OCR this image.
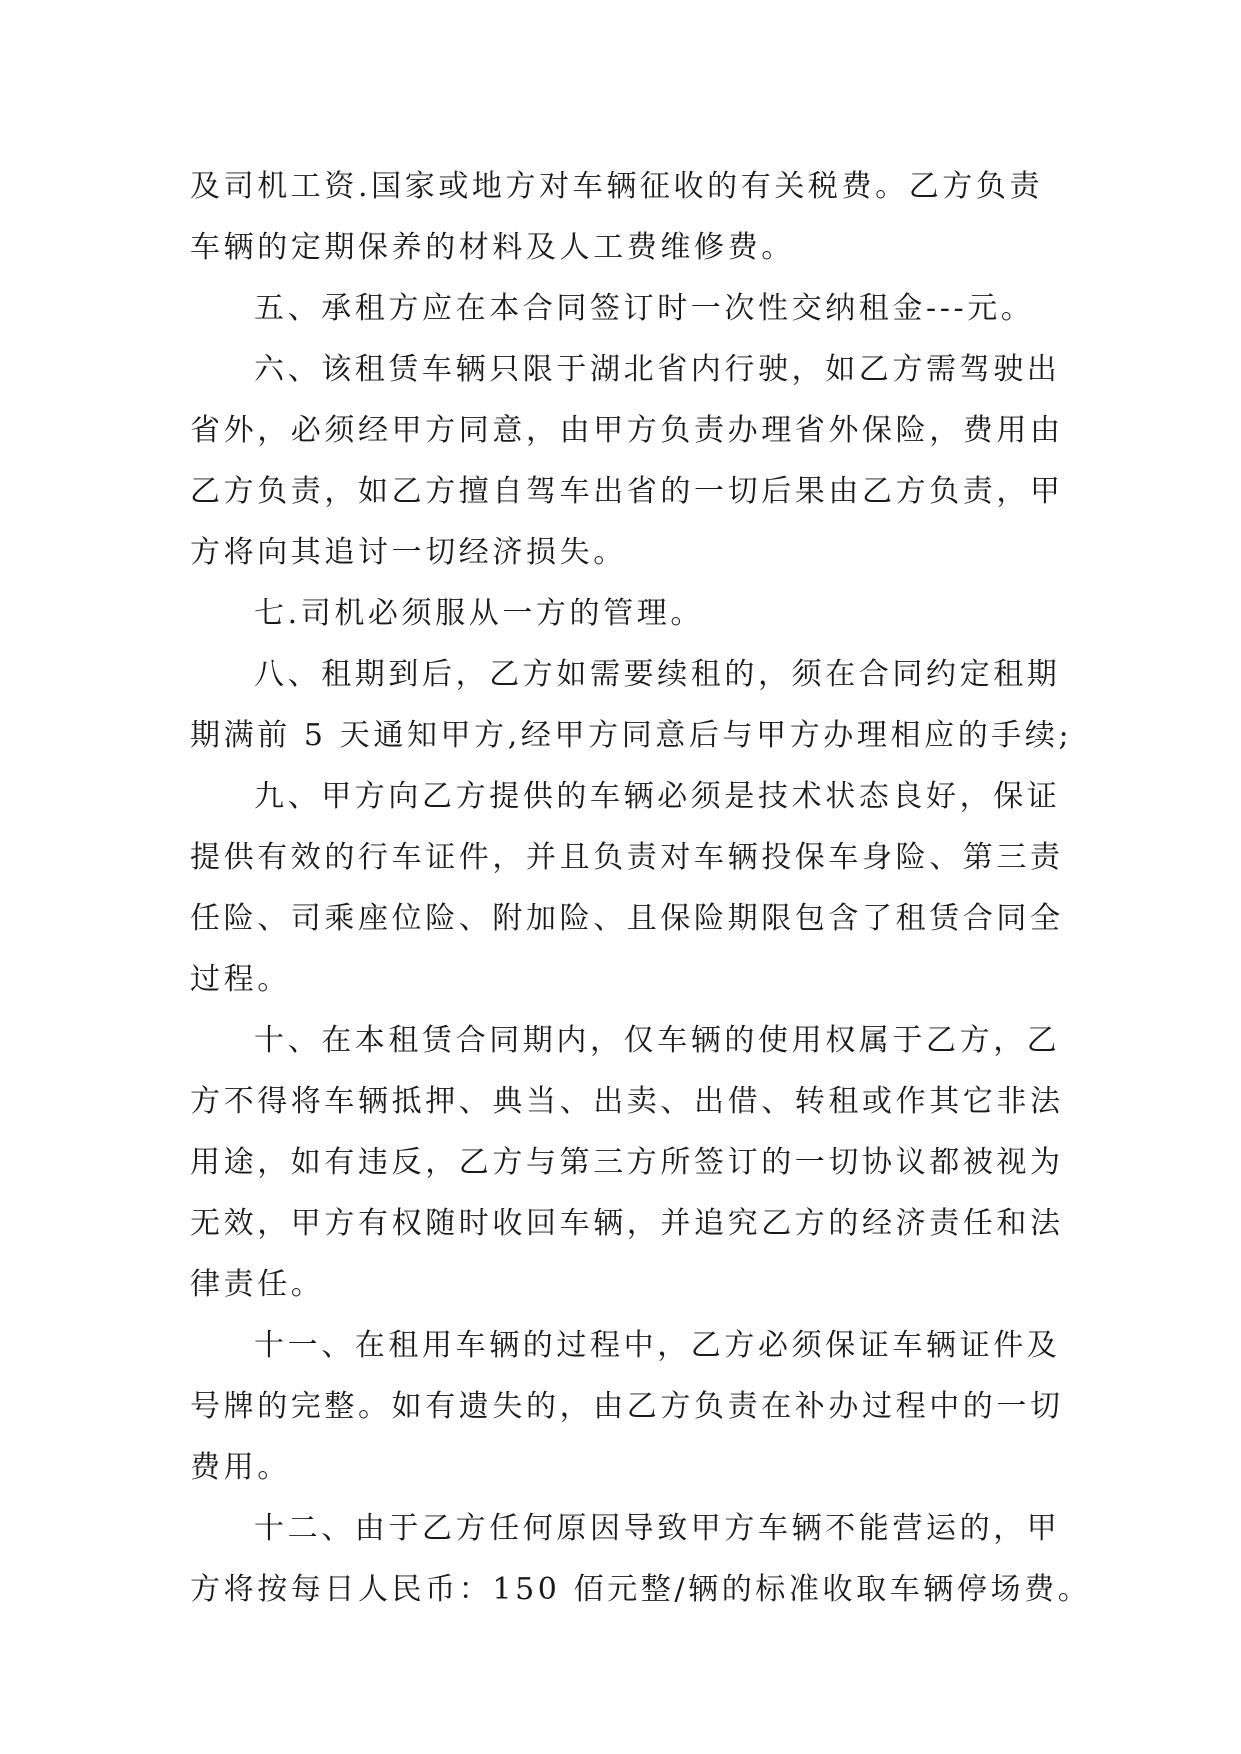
及司机工资.国家或地方对车辆征收的有关税费。乙方负责
车辆的定期保养的材料及人工费维修费。
五、承租方应在本合同签订时一次性交纳租金---元。
六、该租赁车辆只限于湖北省内行驶，如乙方需驾驶出
省外，必须经甲方同意，由甲方负责办理省外保险，费用由
乙方负责，如乙方擅自驾车出省的一切后果由乙方负责，甲
方将向其追讨一切经济损失。
七.司机必须服从一方的管理。
八、租期到后，乙方如需要续租的，须在合同约定租期
期满前 5 天通知甲方,经甲方同意后与甲方办理相应的手续;
九、甲方向乙方提供的车辆必须是技术状态良好，保证
提供有效的行车证件，并且负责对车辆投保车身险、第三责
任险、司乘座位险、附加险、且保险期限包含了租赁合同全
过程。
十、在本租赁合同期内，仅车辆的使用权属于乙方，乙
方不得将车辆抵押、典当、出卖、出借、转租或作其它非法
用途，如有违反，乙方与第三方所签订的一切协议都被视为
无效，甲方有权随时收回车辆，并追究乙方的经济责任和法
律责任。
十一、在租用车辆的过程中，乙方必须保证车辆证件及
号牌的完整。如有遗失的，由乙方负责在补办过程中的一切
费用。
十二、由于乙方任何原因导致甲方车辆不能营运的，甲
方将按每日人民币：150 佰元整/辆的标准收取车辆停场费。
